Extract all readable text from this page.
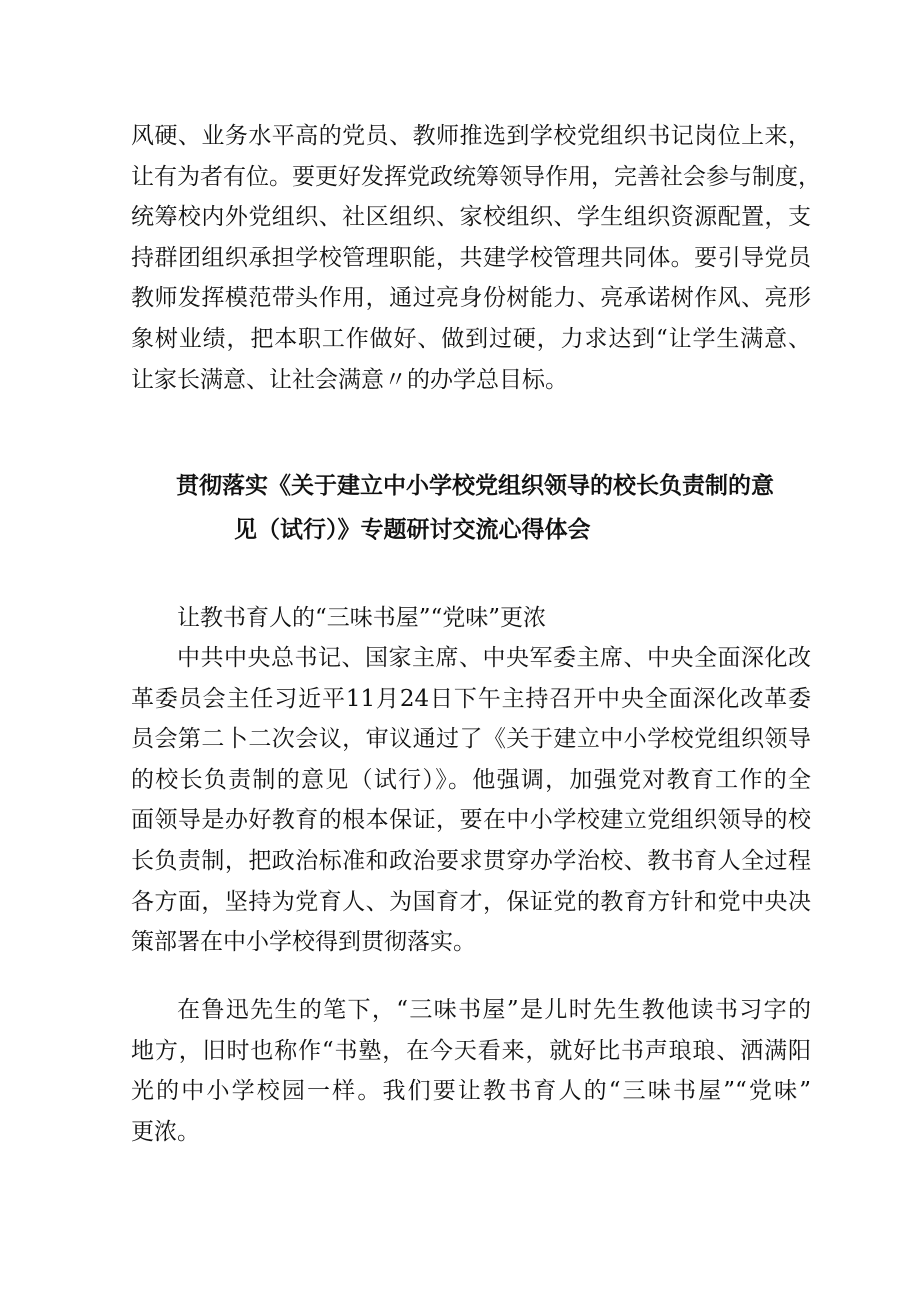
风硬、业务水平高的党员、教师推选到学校党组织书记岗位上来，
让有为者有位。要更好发挥党政统筹领导作用，完善社会参与制度，
统筹校内外党组织、社区组织、家校组织、学生组织资源配置，支
持群团组织承担学校管理职能，共建学校管理共同体。要引导党员
教师发挥模范带头作用，通过亮身份树能力、亮承诺树作风、亮形
象树业绩，把本职工作做好、做到过硬，力求达到“让学生满意、
让家长满意、让社会满意〃的办学总目标。
贯彻落实《关于建立中小学校党组织领导的校长负责制的意
见（试行）》专题研讨交流心得体会
让教书育人的“三味书屋”“党味”更浓
中共中央总书记、国家主席、中央军委主席、中央全面深化改
革委员会主任习近平11月24日下午主持召开中央全面深化改革委
员会第二卜二次会议，审议通过了《关于建立中小学校党组织领导
的校长负责制的意见（试行）》。他强调，加强党对教育工作的全
面领导是办好教育的根本保证，要在中小学校建立党组织领导的校
长负责制，把政治标准和政治要求贯穿办学治校、教书育人全过程
各方面，坚持为党育人、为国育才，保证党的教育方针和党中央决
策部署在中小学校得到贯彻落实。
在鲁迅先生的笔下，“三味书屋”是儿时先生教他读书习字的
地方，旧时也称作“书塾，在今天看来，就好比书声琅琅、洒满阳
光的中小学校园一样。我们要让教书育人的“三味书屋”“党味”
更浓。
